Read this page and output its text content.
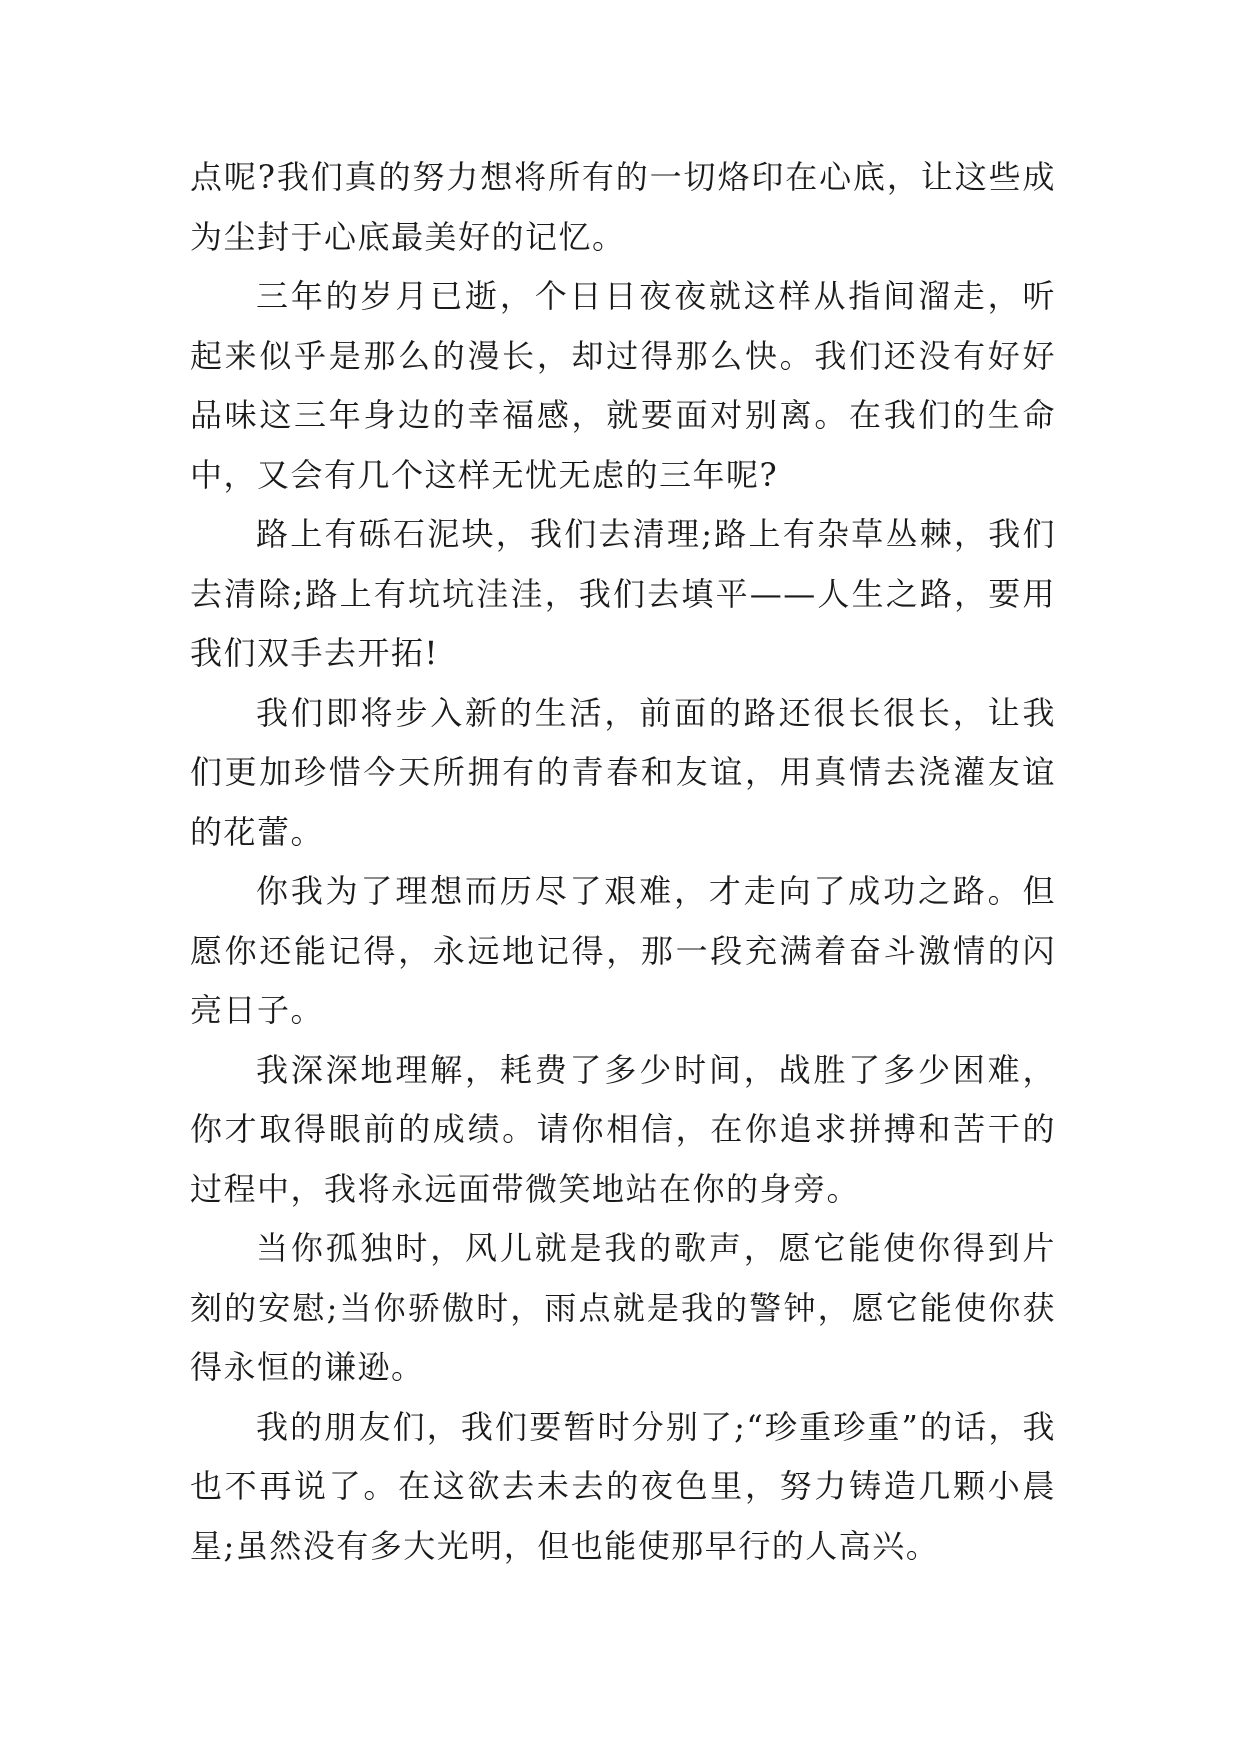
点呢?我们真的努力想将所有的一切烙印在心底，让这些成为尘封于心底最美好的记忆。

三年的岁月已逝，个日日夜夜就这样从指间溜走，听起来似乎是那么的漫长，却过得那么快。我们还没有好好品味这三年身边的幸福感，就要面对别离。在我们的生命中，又会有几个这样无忧无虑的三年呢?

路上有砾石泥块，我们去清理;路上有杂草丛棘，我们去清除;路上有坑坑洼洼，我们去填平——人生之路，要用我们双手去开拓!

我们即将步入新的生活，前面的路还很长很长，让我们更加珍惜今天所拥有的青春和友谊，用真情去浇灌友谊的花蕾。

你我为了理想而历尽了艰难，才走向了成功之路。但愿你还能记得，永远地记得，那一段充满着奋斗激情的闪亮日子。

我深深地理解，耗费了多少时间，战胜了多少困难，你才取得眼前的成绩。请你相信，在你追求拼搏和苦干的过程中，我将永远面带微笑地站在你的身旁。

当你孤独时，风儿就是我的歌声，愿它能使你得到片刻的安慰;当你骄傲时，雨点就是我的警钟，愿它能使你获得永恒的谦逊。

我的朋友们，我们要暂时分别了;“珍重珍重”的话，我也不再说了。在这欲去未去的夜色里，努力铸造几颗小晨星;虽然没有多大光明，但也能使那早行的人高兴。
